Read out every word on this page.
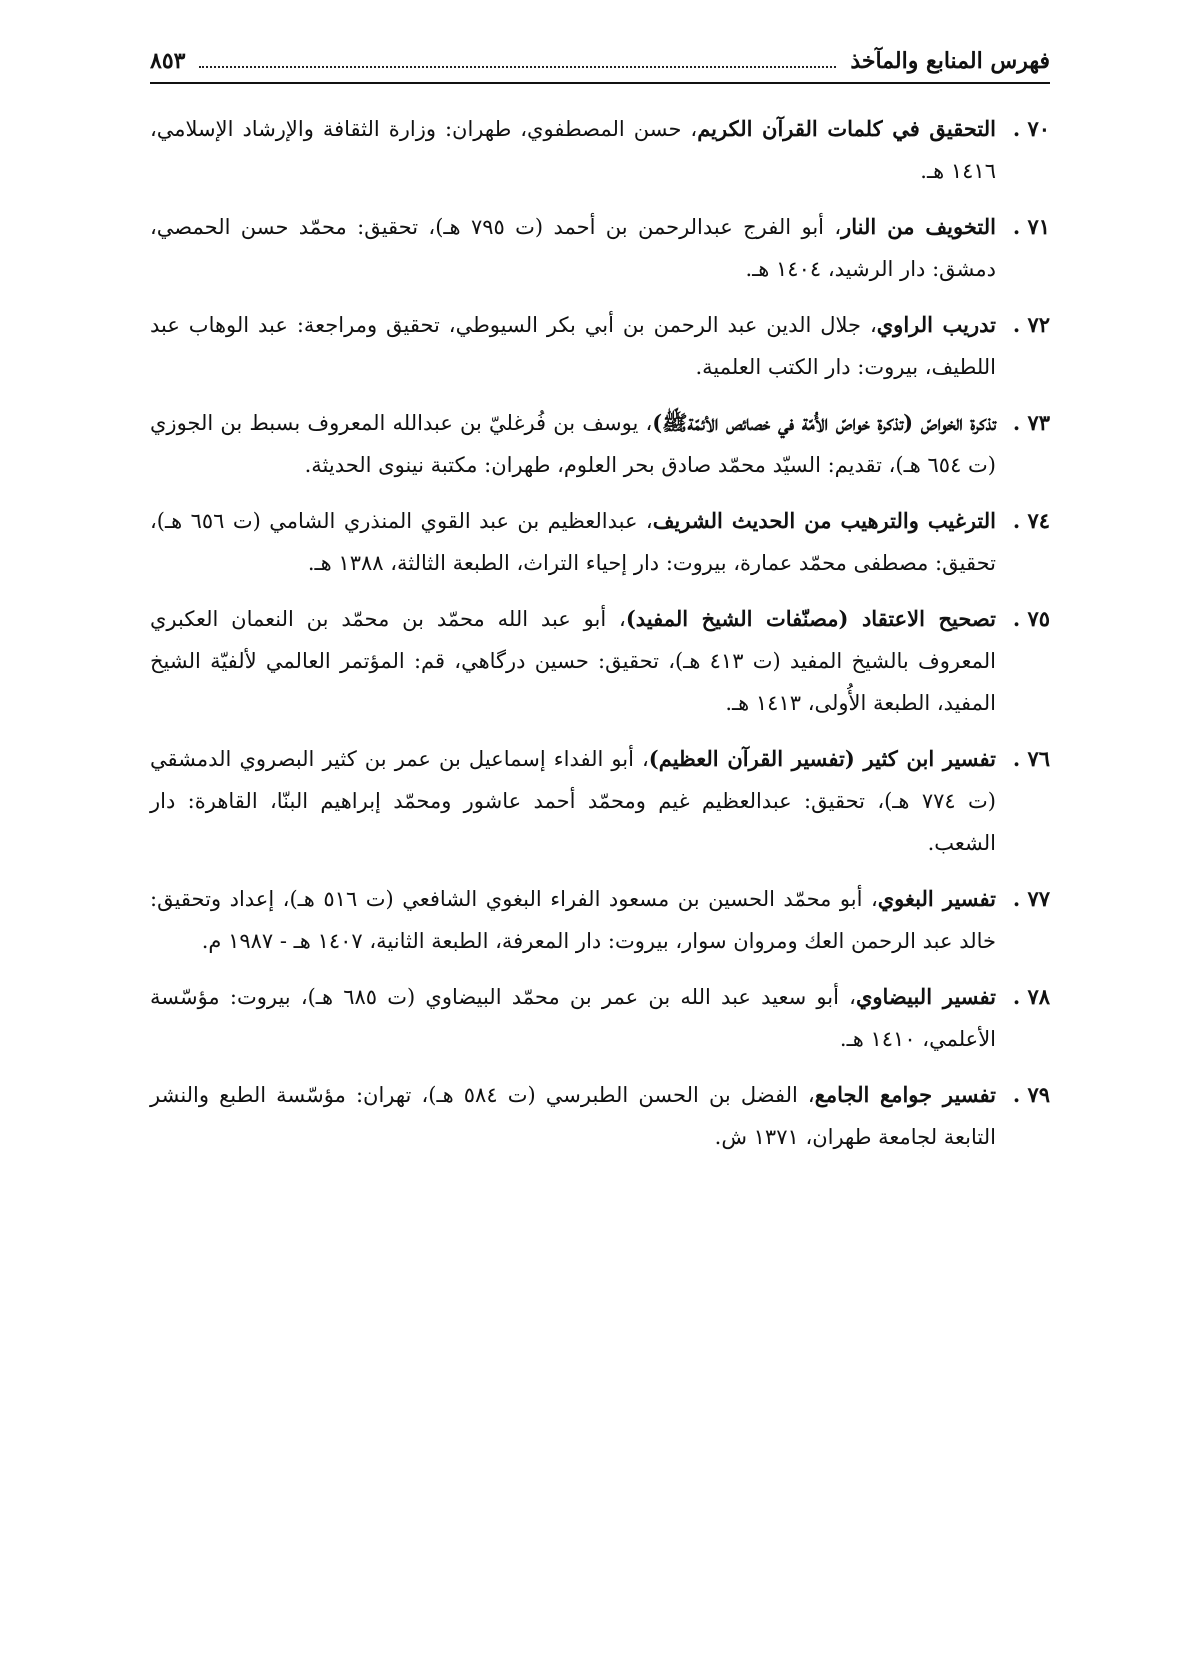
فهرس المنابع والمآخذ
٨٥٣
٧٠ .
التحقيق في كلمات القرآن الكريم، حسن المصطفوي، طهران: وزارة الثقافة والإرشاد الإسلامي، ١٤١٦ هـ.
٧١ .
التخويف من النار، أبو الفرج عبدالرحمن بن أحمد (ت ٧٩٥ هـ)، تحقيق: محمّد حسن الحمصي، دمشق: دار الرشيد، ١٤٠٤ هـ.
٧٢ .
تدريب الراوي، جلال الدين عبد الرحمن بن أبي بكر السيوطي، تحقيق ومراجعة: عبد الوهاب عبد اللطيف، بيروت: دار الكتب العلمية.
٧٣ .
تذكرة الخواصّ (تذكرة خواصّ الأُمّة في خصائص الأئمّة‌ﷺ)، يوسف بن فُرغليّ بن عبدالله المعروف بسبط بن الجوزي (ت ٦٥٤ هـ)، تقديم: السيّد محمّد صادق بحر العلوم، طهران: مكتبة نينوى الحديثة.
٧٤ .
الترغيب والترهيب من الحديث الشريف، عبدالعظيم بن عبد القوي المنذري الشامي (ت ٦٥٦ هـ)، تحقيق: مصطفى محمّد عمارة، بيروت: دار إحياء التراث، الطبعة الثالثة، ١٣٨٨ هـ.
٧٥ .
تصحيح الاعتقاد (مصنّفات الشيخ المفيد)، أبو عبد الله محمّد بن محمّد بن النعمان العكبري المعروف بالشيخ المفيد (ت ٤١٣ هـ)، تحقيق: حسين درگاهي، قم: المؤتمر العالمي لألفيّة الشيخ المفيد، الطبعة الأُولى، ١٤١٣ هـ.
٧٦ .
تفسير ابن كثير (تفسير القرآن العظيم)، أبو الفداء إسماعيل بن عمر بن كثير البصروي الدمشقي (ت ٧٧٤ هـ)، تحقيق: عبدالعظيم غيم ومحمّد أحمد عاشور ومحمّد إبراهيم البنّا، القاهرة: دار الشعب.
٧٧ .
تفسير البغوي، أبو محمّد الحسين بن مسعود الفراء البغوي الشافعي (ت ٥١٦ هـ)، إعداد وتحقيق: خالد عبد الرحمن العك ومروان سوار، بيروت: دار المعرفة، الطبعة الثانية، ١٤٠٧ هـ - ١٩٨٧ م.
٧٨ .
تفسير البيضاوي، أبو سعيد عبد الله بن عمر بن محمّد البيضاوي (ت ٦٨٥ هـ)، بيروت: مؤسّسة الأعلمي، ١٤١٠ هـ.
٧٩ .
تفسير جوامع الجامع، الفضل بن الحسن الطبرسي (ت ٥٨٤ هـ)، تهران: مؤسّسة الطبع والنشر التابعة لجامعة طهران، ١٣٧١ ش.
